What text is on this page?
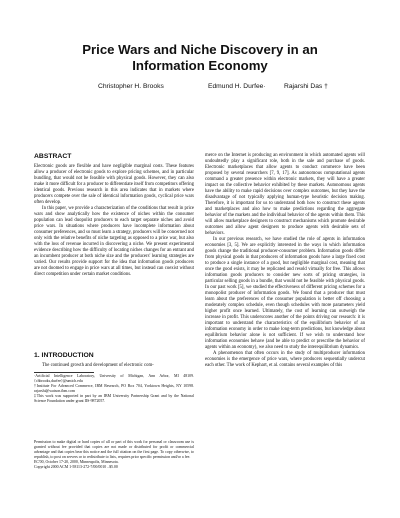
Price Wars and Niche Discovery in an
Information Economy
Christopher H. Brooks	Edmund H. Durfee·	Rajarshi Das †
ABSTRACT

Electronic goods are flexible and have negligible marginal costs. These features allow a producer of electronic goods to explore pricing schemes, and in particular bundling, that would not be feasible with physical goods. However, they can also make it more difficult for a producer to differentiate itself from competitors offering identical goods. Previous research in this area indicates that in markets where producers compete over the sale of identical information goods, cyclical price wars often develop.

In this paper, we provide a characterization of the conditions that result in price wars and show analytically how the existence of niches within the consumer population can lead duopolist producers to each target separate niches and avoid price wars. In situations where producers have incomplete information about consumer preferences, and so must learn a strategy, producers will be concerned not only with the relative benefits of niche targeting as opposed to a price war, but also with the loss of revenue incurred in discovering a niche. We present experimental evidence describing how the difficulty of locating niches changes for an entrant and an incumbent producer at both niche size and the producers' learning strategies are varied. Our results provide support for the idea that information goods producers are not doomed to engage in price wars at all times, but instead can coexist without direct competition under certain market conditions.

1. INTRODUCTION

The continued growth and development of electronic com-

·Artificial Intelligence Laboratory, University of Michigan, Ann Arbor, MI 48109. {chbrooks,durfee}@umich.edu

†Institute For Advanced Commerce, IBM Research, PO Box 704, Yorktown Heights, NY 10598. rajarshi@watson.ibm.com

‡This work was supported in part by an IBM University Partnership Grant and by the National Science Foundation under grant IIS-9872057.

Permission to make digital or hard copies of all or part of this work for personal or classroom use is granted without fee provided that copies are not made or distributed for profit or commercial advantage and that copies bear this notice and the full citation on the first page. To copy otherwise, to republish, to post on servers or to redistribute to lists, requires prior specific permission and/or a fee.

EC'00, October 17-20, 2000, Minneapolis, Minnesota.

Copyright 2000 ACM 1-58113-272-7/00/0010 ..$5.00

merce on the Internet is producing an environment in which automated agents will undoubtedly play a significant role, both in the sale and purchase of goods. Electronic marketplaces that allow agents to conduct commerce have been proposed by several researchers [7, 9, 17]. As autonomous computational agents command a greater presence within electronic markets, they will have a greater impact on the collective behavior exhibited by these markets. Autonomous agents have the ability to make rapid decisions over complex outcomes, but they have the disadvantage of not typically applying human-type heuristic decision making. Therefore, it is important for us to understand both how to construct these agents and marketplaces and also how to make predictions regarding the aggregate behavior of the markets and the individual behavior of the agents within them. This will allow marketplace designers to construct mechanisms which promote desirable outcomes and allow agent designers to produce agents with desirable sets of behaviors.

In our previous research, we have studied the role of agents in information economies [3, 5]. We are explicitly interested in the ways in which information goods change the traditional producer-consumer problem. Information goods differ from physical goods in that producers of information goods have a large fixed cost to produce a single instance of a good, but negligible marginal cost, meaning that once the good exists, it may be replicated and resold virtually for free. This allows information goods producers to consider new sorts of pricing strategies, in particular selling goods in a bundle, that would not be feasible with physical goods. In our past work [5], we studied the effectiveness of different pricing schemes for a monopolist producer of information goods. We found that a producer that must learn about the preferences of the consumer population is better off choosing a moderately complex schedule, even though schedules with more parameters yield higher profit once learned. Ultimately, the cost of learning can outweigh the increase in profit. This underscores another of the points driving our research: it is important to understand the characteristics of the equilibrium behavior of an information economy in order to make long-term predictions, but knowledge about equilibrium behavior alone is not sufficient. If we wish to understand how information economies behave (and be able to predict or prescribe the behavior of agents within an economy), we also need to study the interequilibrium dynamics.

A phenomenon that often occurs in the study of multiproducer information economies is the emergence of price wars, where producers sequentially undercut each other. The work of Kephart, et al. contains several examples of this
